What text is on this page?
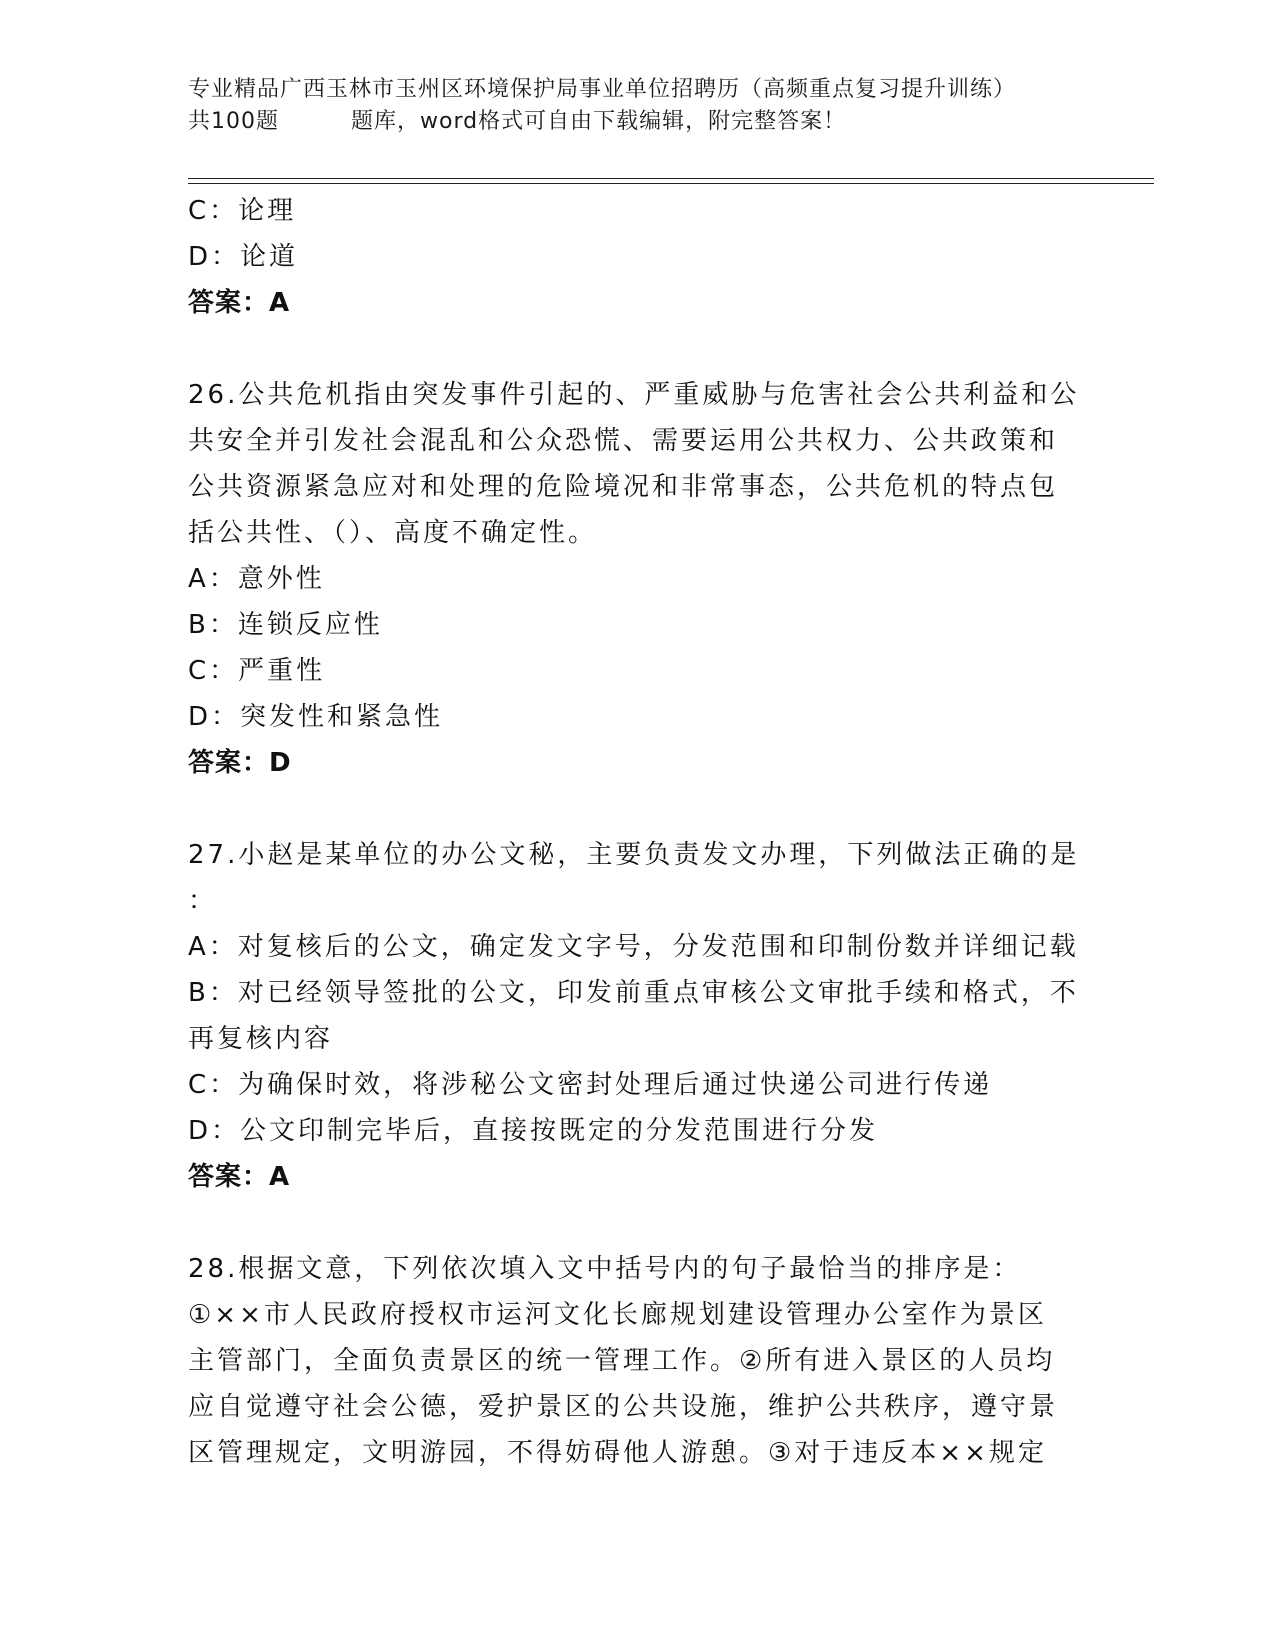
专业精品广西玉林市玉州区环境保护局事业单位招聘历（高频重点复习提升训练）
共100题	题库，word格式可自由下载编辑，附完整答案！
C：论理
D：论道
答案：A
26.公共危机指由突发事件引起的、严重威胁与危害社会公共利益和公
共安全并引发社会混乱和公众恐慌、需要运用公共权力、公共政策和
公共资源紧急应对和处理的危险境况和非常事态，公共危机的特点包
括公共性、（）、高度不确定性。
A：意外性
B：连锁反应性
C：严重性
D：突发性和紧急性
答案：D
27.小赵是某单位的办公文秘，主要负责发文办理，下列做法正确的是
：
A：对复核后的公文，确定发文字号，分发范围和印制份数并详细记载
B：对已经领导签批的公文，印发前重点审核公文审批手续和格式，不
再复核内容
C：为确保时效，将涉秘公文密封处理后通过快递公司进行传递
D：公文印制完毕后，直接按既定的分发范围进行分发
答案：A
28.根据文意，下列依次填入文中括号内的句子最恰当的排序是：
①××市人民政府授权市运河文化长廊规划建设管理办公室作为景区
主管部门，全面负责景区的统一管理工作。②所有进入景区的人员均
应自觉遵守社会公德，爱护景区的公共设施，维护公共秩序，遵守景
区管理规定，文明游园，不得妨碍他人游憩。③对于违反本××规定
